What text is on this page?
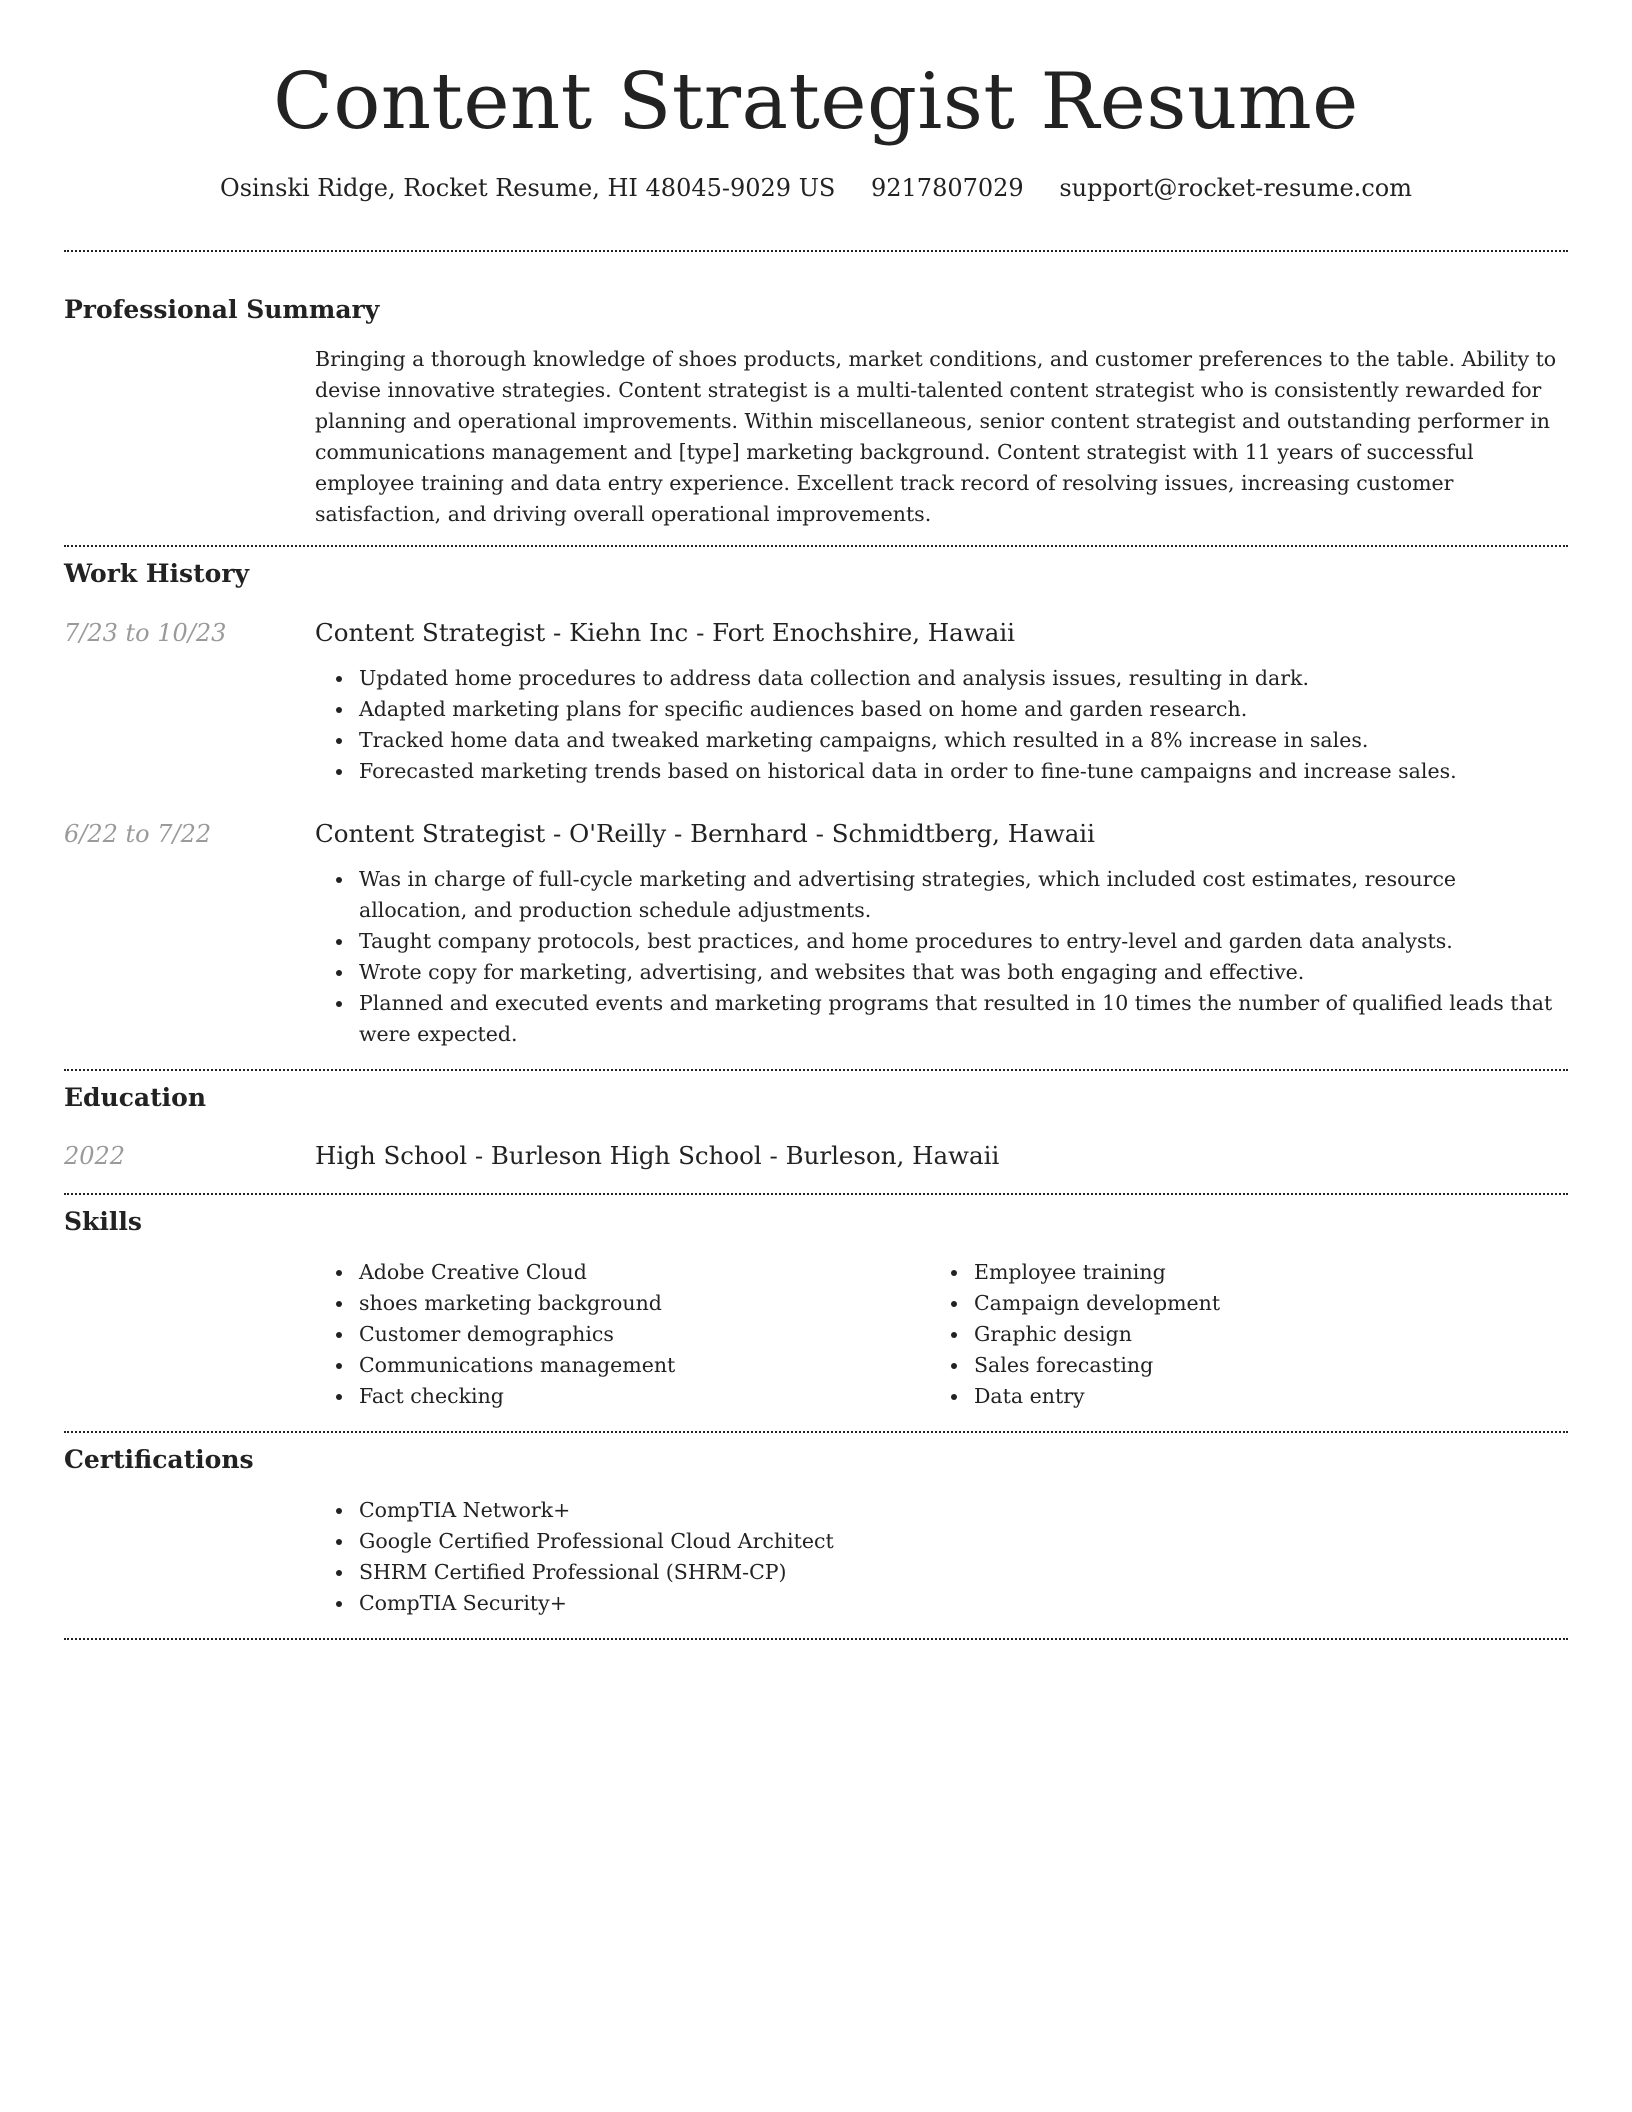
Content Strategist Resume
Osinski Ridge, Rocket Resume, HI 48045-9029 US 9217807029 support@rocket-resume.com
Professional Summary

Bringing a thorough knowledge of shoes products, market conditions, and customer preferences to the table. Ability to devise innovative strategies. Content strategist is a multi-talented content strategist who is consistently rewarded for planning and operational improvements. Within miscellaneous, senior content strategist and outstanding performer in communications management and [type] marketing background. Content strategist with 11 years of successful employee training and data entry experience. Excellent track record of resolving issues, increasing customer satisfaction, and driving overall operational improvements.

Work History
7/23 to 10/23	Content Strategist - Kiehn Inc - Fort Enochshire, Hawaii
Updated home procedures to address data collection and analysis issues, resulting in dark.
Adapted marketing plans for specific audiences based on home and garden research.
Tracked home data and tweaked marketing campaigns, which resulted in a 8% increase in sales.
Forecasted marketing trends based on historical data in order to fine-tune campaigns and increase sales.
6/22 to 7/22	Content Strategist - O'Reilly - Bernhard - Schmidtberg, Hawaii
Was in charge of full-cycle marketing and advertising strategies, which included cost estimates, resource allocation, and production schedule adjustments.
Taught company protocols, best practices, and home procedures to entry-level and garden data analysts.
Wrote copy for marketing, advertising, and websites that was both engaging and effective.
Planned and executed events and marketing programs that resulted in 10 times the number of qualified leads that were expected.
Education
2022	High School - Burleson High School - Burleson, Hawaii
Skills
Adobe Creative Cloud
shoes marketing background
Customer demographics
Communications management
Fact checking
Employee training
Campaign development
Graphic design
Sales forecasting
Data entry
Certifications
CompTIA Network+
Google Certified Professional Cloud Architect
SHRM Certified Professional (SHRM-CP)
CompTIA Security+
